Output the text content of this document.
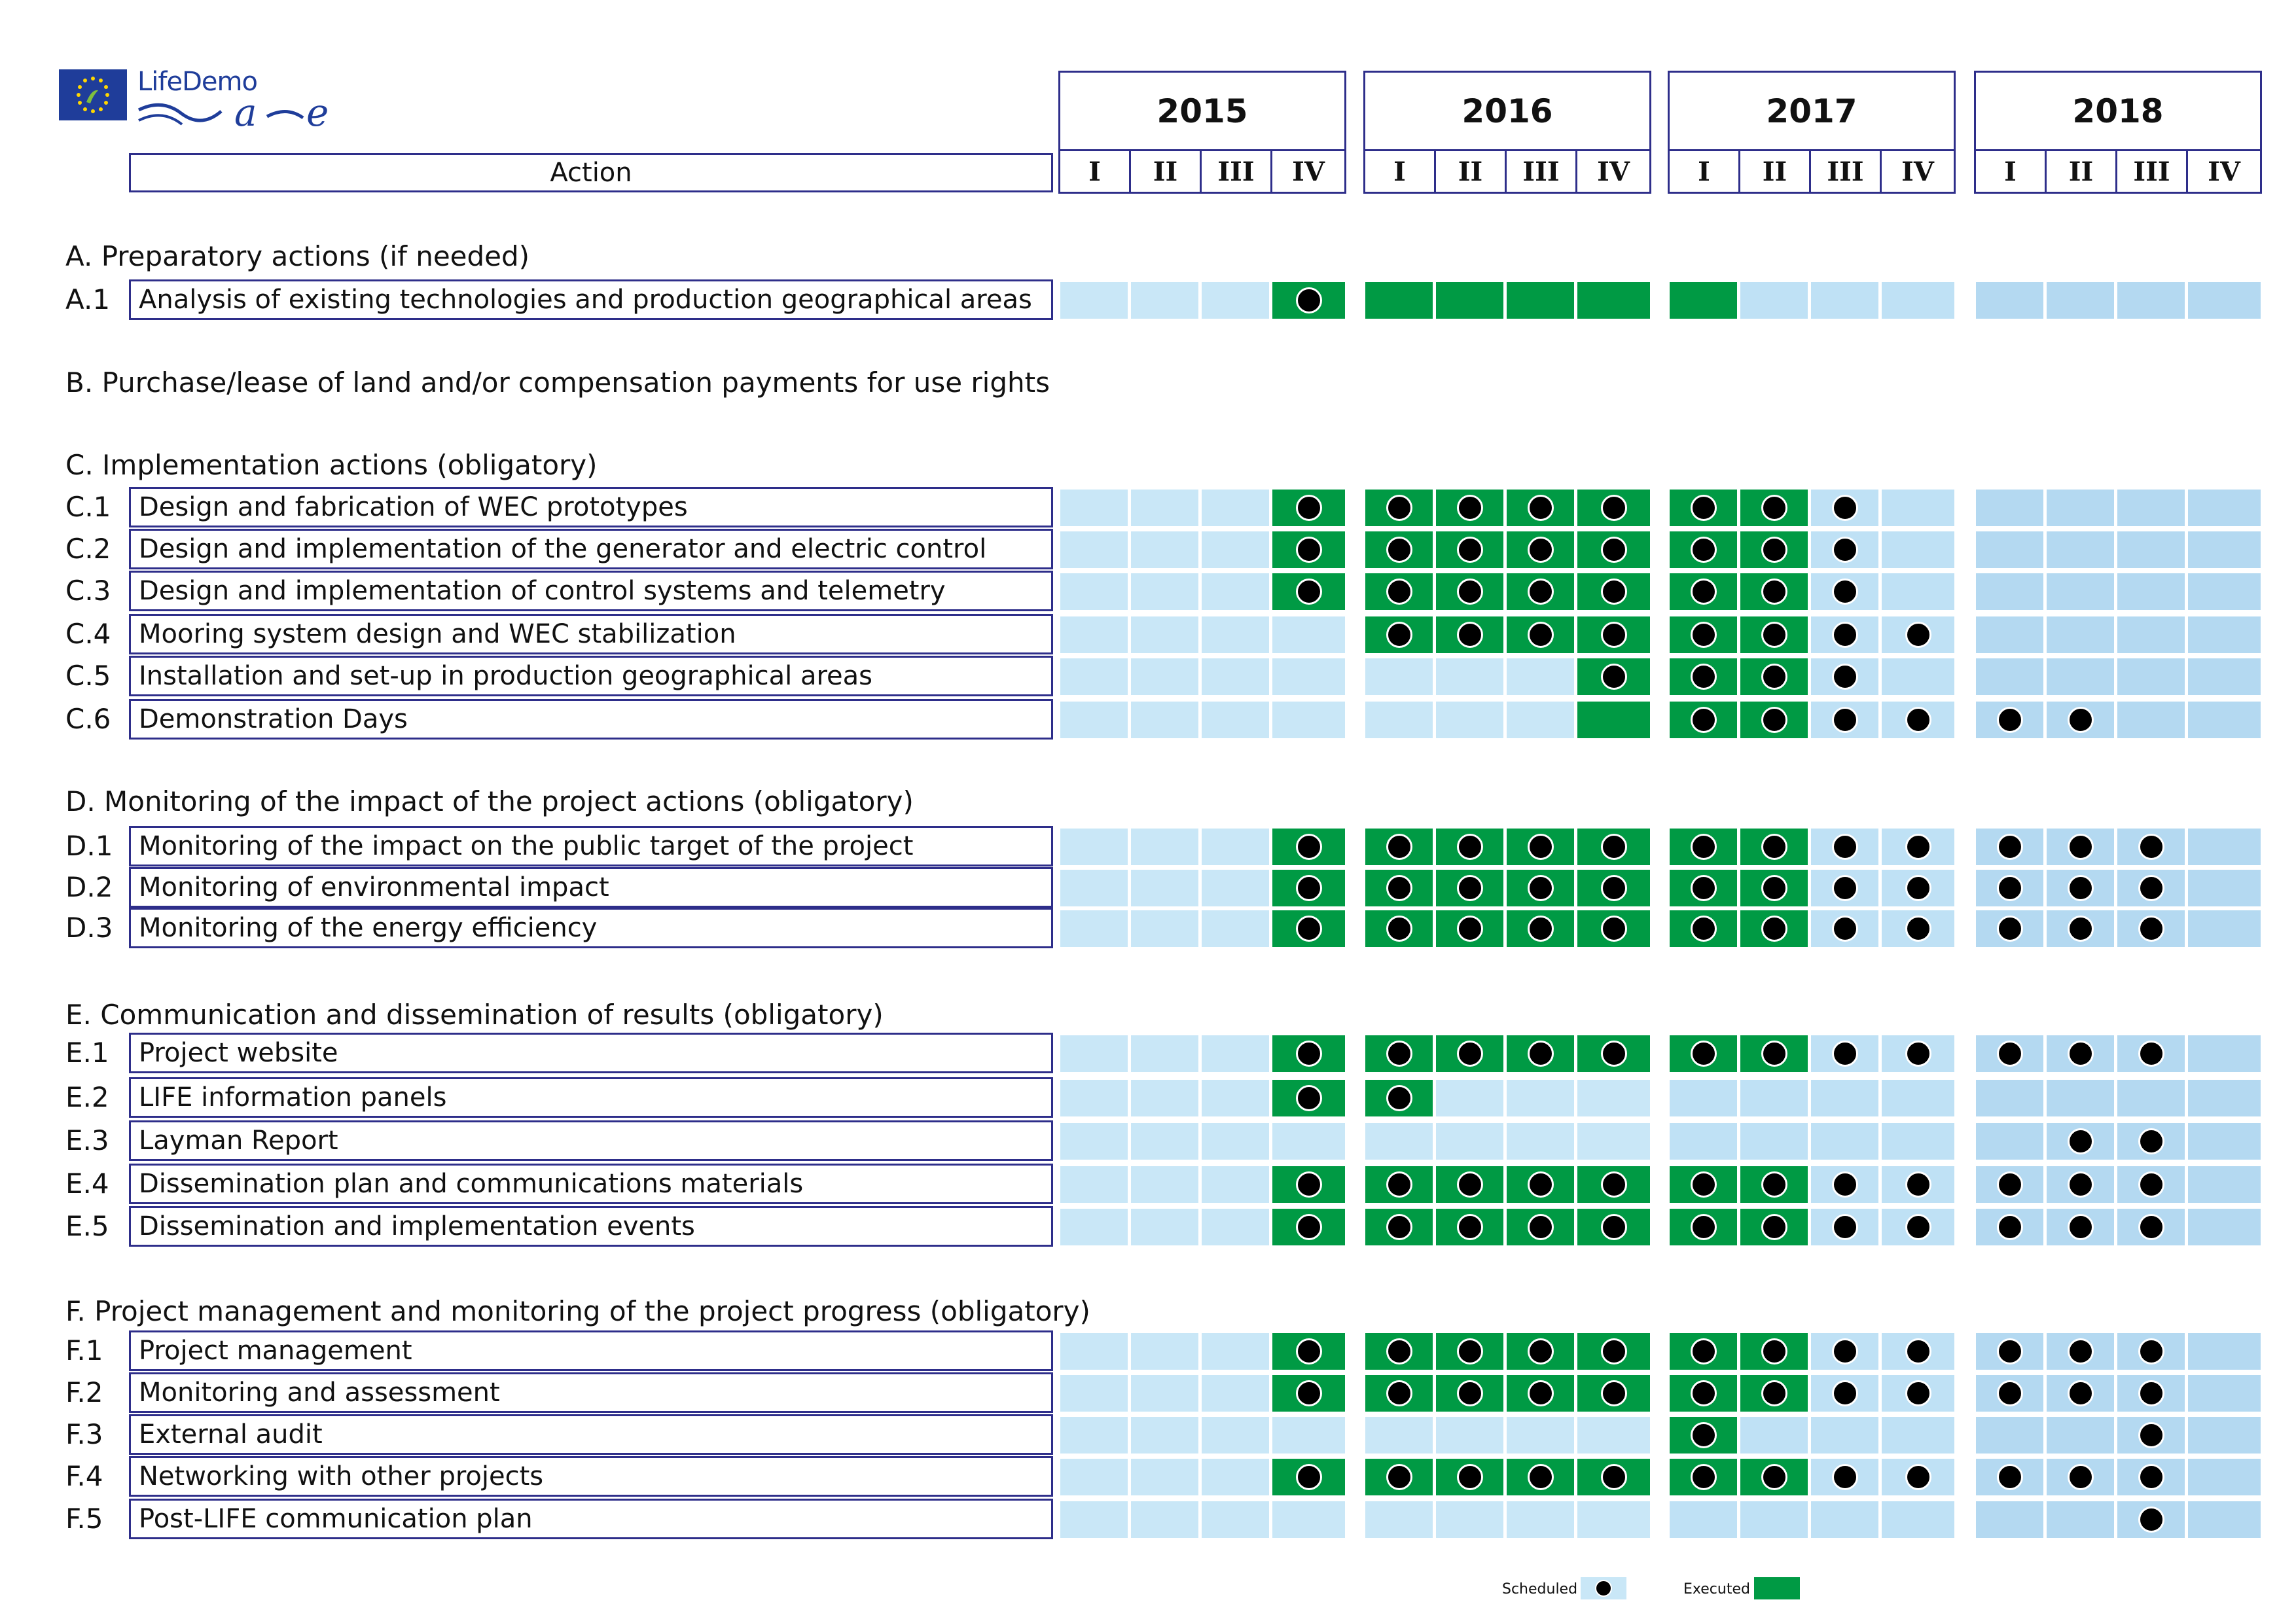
LifeDemo
a e
Action
2015
I	II	III	IV
2016
I	II	III	IV
2017
I	II	III	IV
2018
I	II	III	IV
A. Preparatory actions (if needed)
A.1	Analysis of existing technologies and production geographical areas
B. Purchase/lease of land and/or compensation payments for use rights
C. Implementation actions (obligatory)
C.1	Design and fabrication of WEC prototypes
C.2	Design and implementation of the generator and electric control
C.3	Design and implementation of control systems and telemetry
C.4	Mooring system design and WEC stabilization
C.5	Installation and set-up in production geographical areas
C.6	Demonstration Days
D. Monitoring of the impact of the project actions (obligatory)
D.1 Monitoring of the impact on the public target of the project
D.2 Monitoring of environmental impact
D.3 Monitoring of the energy efficiency
E. Communication and dissemination of results (obligatory)
E.1	Project website
E.2	LIFE information panels
E.3	Layman Report
E.4	Dissemination plan and communications materials
E.5	Dissemination and implementation events
F. Project management and monitoring of the project progress (obligatory)
F.1	Project management
F.2	Monitoring and assessment
F.3	External audit
F.4	Networking with other projects
F.5	Post-LIFE communication plan
Scheduled	Executed
